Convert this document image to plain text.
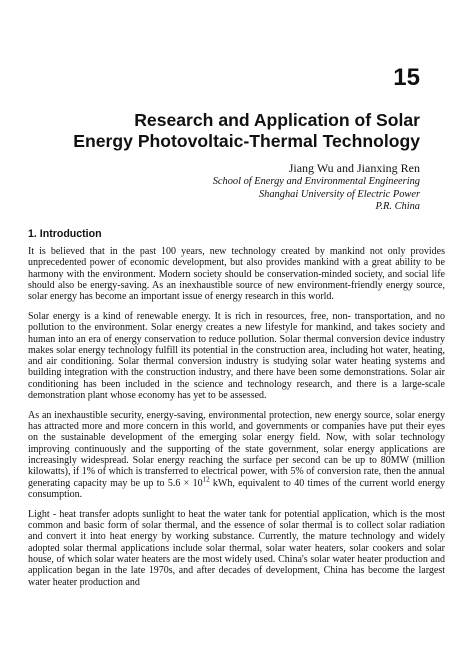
15
Research and Application of Solar
Energy Photovoltaic-Thermal Technology
Jiang Wu and Jianxing Ren
School of Energy and Environmental Engineering
Shanghai University of Electric Power
P.R. China
1. Introduction

It is believed that in the past 100 years, new technology created by mankind not only provides unprecedented power of economic development, but also provides mankind with a great ability to be harmony with the environment. Modern society should be conservation-minded society, and social life should also be energy-saving. As an inexhaustible source of new environment-friendly energy source, solar energy has become an important issue of energy research in this world.

Solar energy is a kind of renewable energy. It is rich in resources, free, non- transportation, and no pollution to the environment. Solar energy creates a new lifestyle for mankind, and takes society and human into an era of energy conservation to reduce pollution. Solar thermal conversion device industry makes solar energy technology fulfill its potential in the construction area, including hot water, heating, and air conditioning. Solar thermal conversion industry is studying solar water heating systems and building integration with the construction industry, and there have been some demonstrations. Solar air conditioning has been included in the science and technology research, and there is a large-scale demonstration plant whose economy has yet to be assessed.

As an inexhaustible security, energy-saving, environmental protection, new energy source, solar energy has attracted more and more concern in this world, and governments or companies have put their eyes on the sustainable development of the emerging solar energy field. Now, with solar technology improving continuously and the supporting of the state government, solar energy applications are increasingly widespread. Solar energy reaching the surface per second can be up to 80MW (million kilowatts), if 1% of which is transferred to electrical power, with 5% of conversion rate, then the annual generating capacity may be up to $5.6 \times 10^{12}$ kWh, equivalent to 40 times of the current world energy consumption.

Light - heat transfer adopts sunlight to heat the water tank for potential application, which is the most common and basic form of solar thermal, and the essence of solar thermal is to collect solar radiation and convert it into heat energy by working substance. Currently, the mature technology and widely adopted solar thermal applications include solar thermal, solar water heaters, solar cookers and solar house, of which solar water heaters are the most widely used. China's solar water heater production and application began in the late 1970s, and after decades of development, China has become the largest water heater production and
